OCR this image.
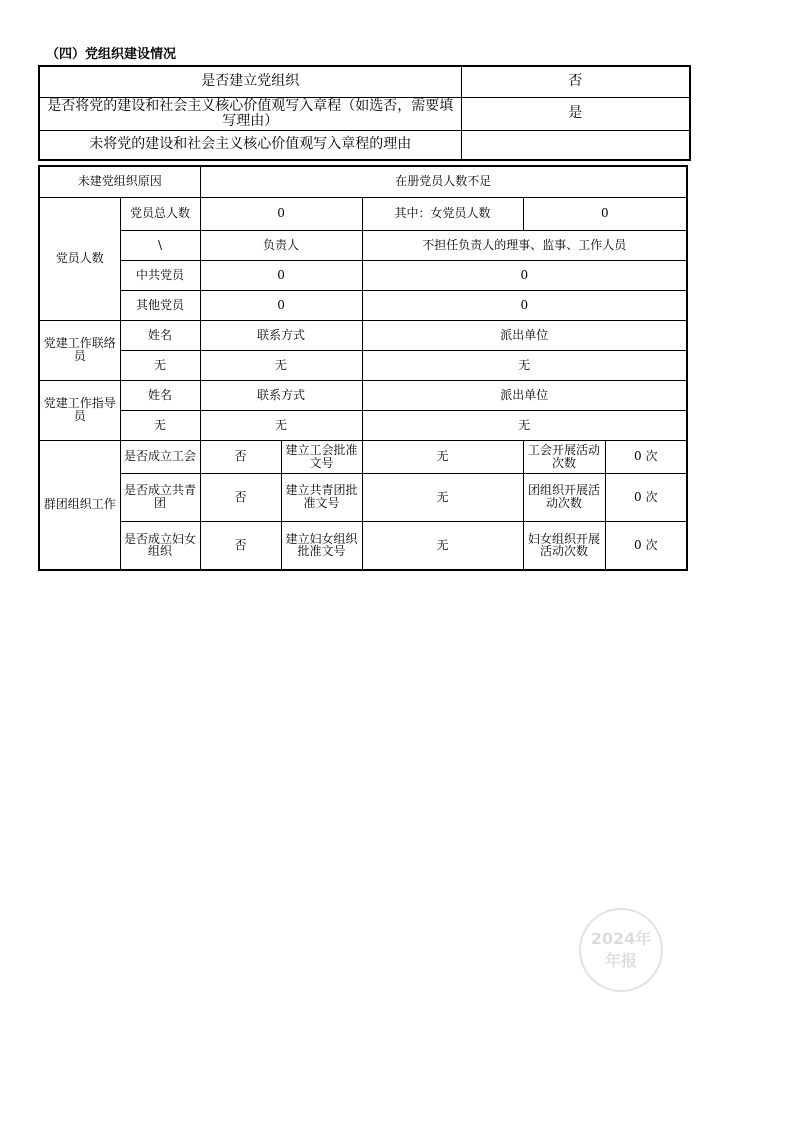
（四）党组织建设情况
是否建立党组织	否
是否将党的建设和社会主义核心价值观写入章程（如选否，需要填写理由）	是
未将党的建设和社会主义核心价值观写入章程的理由	
未建党组织原因		在册党员人数不足				
党员人数	党员总人数	0		其中：女党员人数	0	
	\	负责人		不担任负责人的理事、监事、工作人员		
	中共党员	0		0		
	其他党员	0		0		
党建工作联络员	姓名	联系方式		派出单位		
	无	无		无		
党建工作指导员	姓名	联系方式		派出单位		
	无	无		无		
群团组织工作	是否成立工会	否	建立工会批准文号	无	工会开展活动次数	0 次
	是否成立共青团	否	建立共青团批准文号	无	团组织开展活动次数	0 次
	是否成立妇女组织	否	建立妇女组织批准文号	无	妇女组织开展活动次数	0 次
2024年
年报
